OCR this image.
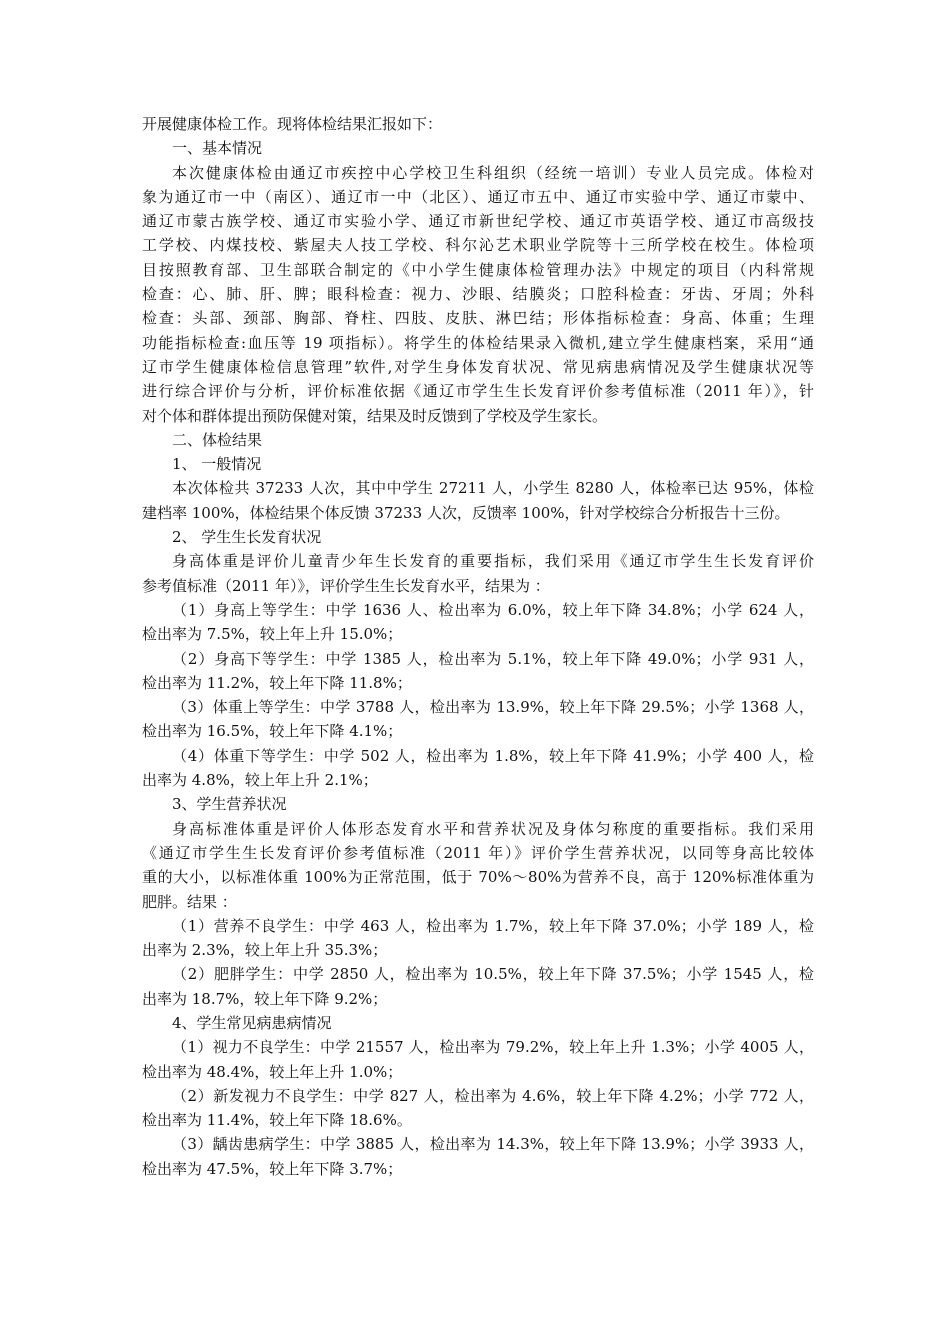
开展健康体检工作。现将体检结果汇报如下：
一、基本情况
本次健康体检由通辽市疾控中心学校卫生科组织（经统一培训）专业人员完成。体检对
象为通辽市一中（南区）、通辽市一中（北区）、通辽市五中、通辽市实验中学、通辽市蒙中、
通辽市蒙古族学校、通辽市实验小学、通辽市新世纪学校、通辽市英语学校、通辽市高级技
工学校、内煤技校、紫屋夫人技工学校、科尔沁艺术职业学院等十三所学校在校生。体检项
目按照教育部、卫生部联合制定的《中小学生健康体检管理办法》中规定的项目（内科常规
检查：心、肺、肝、脾；眼科检查：视力、沙眼、结膜炎；口腔科检查：牙齿、牙周；外科
检查：头部、颈部、胸部、脊柱、四肢、皮肤、淋巴结；形体指标检查：身高、体重；生理
功能指标检查:血压等 19 项指标）。将学生的体检结果录入微机,建立学生健康档案，采用“通
辽市学生健康体检信息管理”软件,对学生身体发育状况、常见病患病情况及学生健康状况等
进行综合评价与分析，评价标准依据《通辽市学生生长发育评价参考值标准（2011 年）》，针
对个体和群体提出预防保健对策，结果及时反馈到了学校及学生家长。
二、体检结果
1、 一般情况
本次体检共 37233 人次，其中中学生 27211 人，小学生 8280 人，体检率已达 95%，体检
建档率 100%，体检结果个体反馈 37233 人次，反馈率 100%，针对学校综合分析报告十三份。
2、 学生生长发育状况
身高体重是评价儿童青少年生长发育的重要指标，我们采用《通辽市学生生长发育评价
参考值标准（2011 年）》，评价学生生长发育水平，结果为 ：
（1）身高上等学生：中学 1636 人、检出率为 6.0%，较上年下降 34.8%；小学 624 人，
检出率为 7.5%，较上年上升 15.0%；
（2）身高下等学生：中学 1385 人，检出率为 5.1%，较上年下降 49.0%；小学 931 人，
检出率为 11.2%，较上年下降 11.8%；
（3）体重上等学生：中学 3788 人，检出率为 13.9%，较上年下降 29.5%；小学 1368 人，
检出率为 16.5%，较上年下降 4.1%；
（4）体重下等学生：中学 502 人，检出率为 1.8%，较上年下降 41.9%；小学 400 人，检
出率为 4.8%，较上年上升 2.1%；
3、学生营养状况
身高标准体重是评价人体形态发育水平和营养状况及身体匀称度的重要指标。我们采用
《通辽市学生生长发育评价参考值标准（2011 年）》评价学生营养状况，以同等身高比较体
重的大小，以标准体重 100%为正常范围，低于 70%～80%为营养不良，高于 120%标准体重为
肥胖。结果 ：
（1）营养不良学生：中学 463 人，检出率为 1.7%，较上年下降 37.0%；小学 189 人，检
出率为 2.3%，较上年上升 35.3%；
（2）肥胖学生：中学 2850 人，检出率为 10.5%，较上年下降 37.5%；小学 1545 人，检
出率为 18.7%，较上年下降 9.2%；
4、学生常见病患病情况
（1）视力不良学生：中学 21557 人，检出率为 79.2%，较上年上升 1.3%；小学 4005 人，
检出率为 48.4%，较上年上升 1.0%；
（2）新发视力不良学生：中学 827 人，检出率为 4.6%，较上年下降 4.2%；小学 772 人，
检出率为 11.4%，较上年下降 18.6%。
（3）龋齿患病学生：中学 3885 人，检出率为 14.3%，较上年下降 13.9%；小学 3933 人，
检出率为 47.5%，较上年下降 3.7%；
